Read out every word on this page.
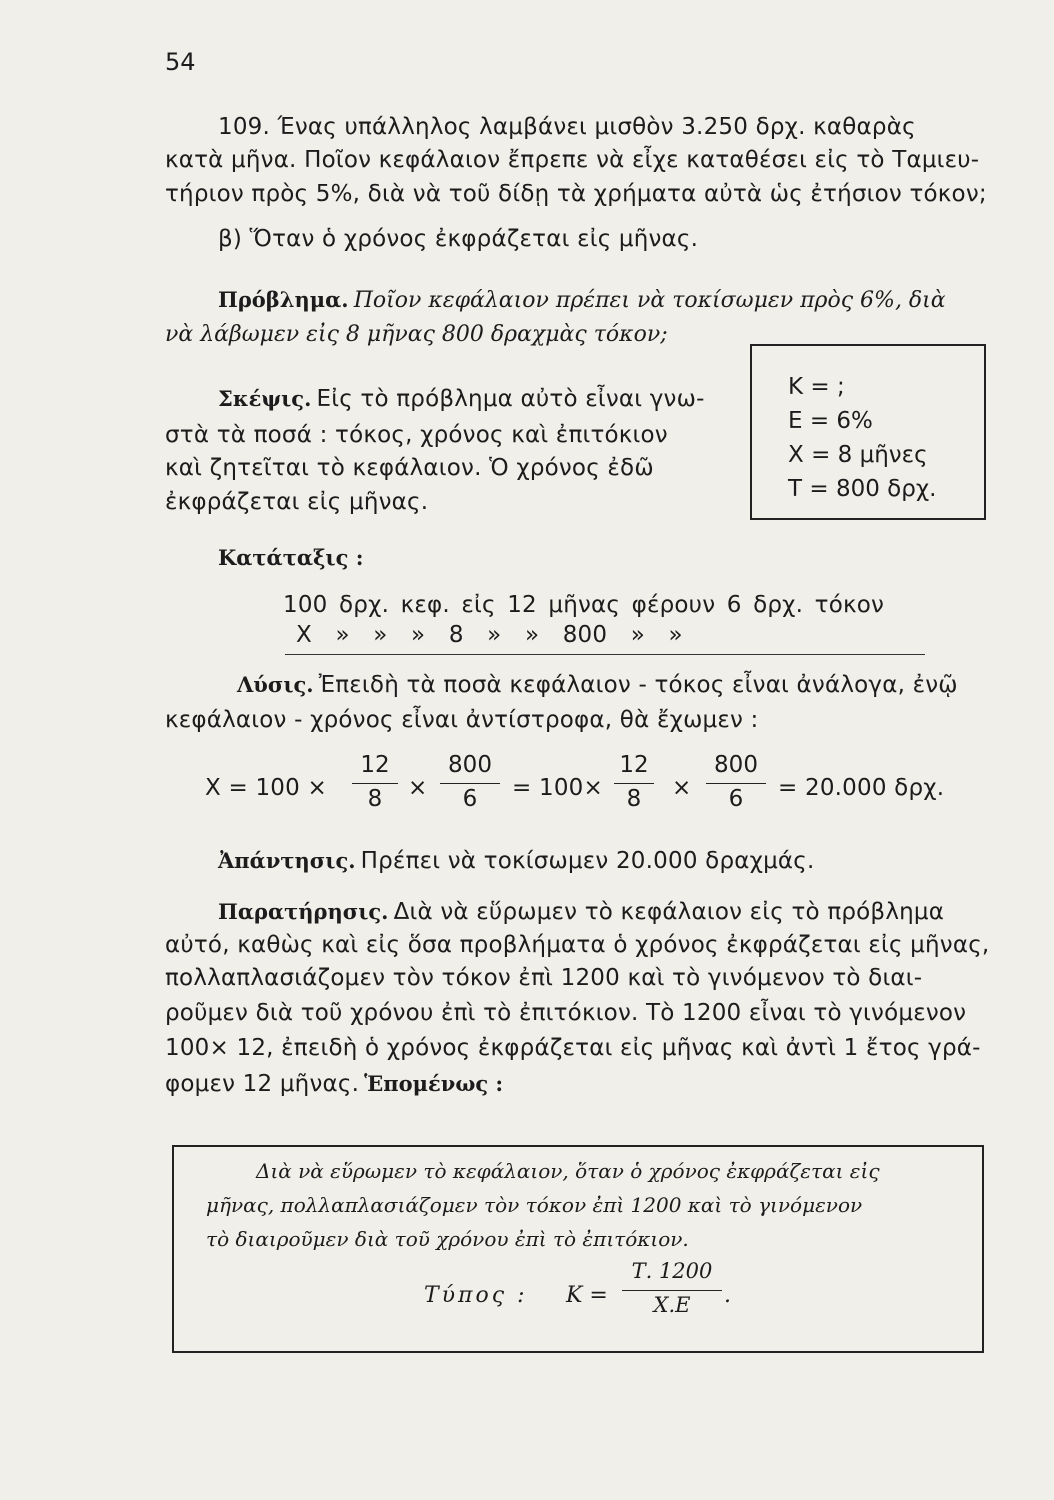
54
109. Ένας υπάλληλος λαμβάνει μισθὸν 3.250 δρχ. καθαρὰς
κατὰ μῆνα. Ποῖον κεφάλαιον ἔπρεπε νὰ εἶχε καταθέσει εἰς τὸ Ταμιευ-
τήριον πρὸς 5%, διὰ νὰ τοῦ δίδῃ τὰ χρήματα αὐτὰ ὡς ἐτήσιον τόκον;
β) Ὅταν ὁ χρόνος ἐκφράζεται εἰς μῆνας.
Πρόβλημα. Ποῖον κεφάλαιον πρέπει νὰ τοκίσωμεν πρὸς 6%, διὰ
νὰ λάβωμεν εἰς 8 μῆνας 800 δραχμὰς τόκον;
Σκέψις. Εἰς τὸ πρόβλημα αὐτὸ εἶναι γνω-
στὰ τὰ ποσά : τόκος, χρόνος καὶ ἐπιτόκιον
καὶ ζητεῖται τὸ κεφάλαιον. Ὁ χρόνος ἐδῶ
ἐκφράζεται εἰς μῆνας.
Κ = ;
Ε = 6%
Χ = 8 μῆνες
Τ = 800 δρχ.
Κατάταξις :
100 δρχ. κεφ. εἰς 12 μῆνας φέρουν 6 δρχ. τόκον
Χ » » » 8 » » 800 » »
Λύσις. Ἐπειδὴ τὰ ποσὰ κεφάλαιον - τόκος εἶναι ἀνάλογα, ἐνῷ
κεφάλαιον - χρόνος εἶναι ἀντίστροφα, θὰ ἔχωμεν :
Χ = 100 ×
12
8	×
800
6	= 100×
12
8	×
800
6	= 20.000 δρχ.
Ἀπάντησις. Πρέπει νὰ τοκίσωμεν 20.000 δραχμάς.
Παρατήρησις. Διὰ νὰ εὕρωμεν τὸ κεφάλαιον εἰς τὸ πρόβλημα
αὐτό, καθὼς καὶ εἰς ὅσα προβλήματα ὁ χρόνος ἐκφράζεται εἰς μῆνας,
πολλαπλασιάζομεν τὸν τόκον ἐπὶ 1200 καὶ τὸ γινόμενον τὸ διαι-
ροῦμεν διὰ τοῦ χρόνου ἐπὶ τὸ ἐπιτόκιον. Τὸ 1200 εἶναι τὸ γινόμενον
100× 12, ἐπειδὴ ὁ χρόνος ἐκφράζεται εἰς μῆνας καὶ ἀντὶ 1 ἔτος γρά-
φομεν 12 μῆνας. Ἑπομένως :
Διὰ νὰ εὕρωμεν τὸ κεφάλαιον, ὅταν ὁ χρόνος ἐκφράζεται εἰς
μῆνας, πολλαπλασιάζομεν τὸν τόκον ἐπὶ 1200 καὶ τὸ γινόμενον
τὸ διαιροῦμεν διὰ τοῦ χρόνου ἐπὶ τὸ ἐπιτόκιον.
Τύπος : Κ =
Τ. 1200
Χ.Ε	.
